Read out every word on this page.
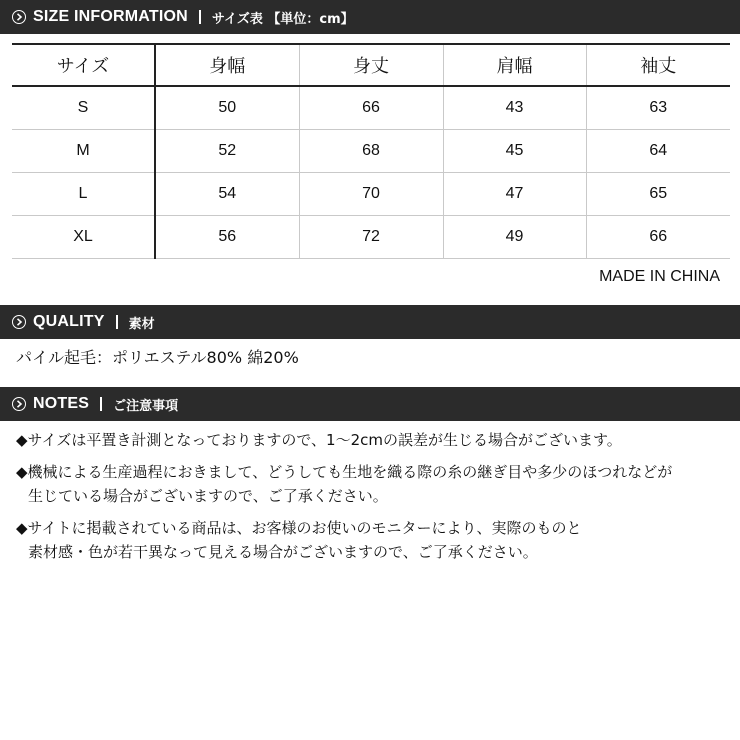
SIZE INFORMATION サイズ表 【単位：cm】
サイズ	身幅	身丈	肩幅	袖丈
S	50	66	43	63
M	52	68	45	64
L	54	70	47	65
XL	56	72	49	66
MADE IN CHINA
QUALITY 素材
パイル起毛：ポリエステル80% 綿20%
NOTES ご注意事項
◆サイズは平置き計測となっておりますので、1～2cmの誤差が生じる場合がございます。
◆機械による生産過程におきまして、どうしても生地を織る際の糸の継ぎ目や多少のほつれなどが
生じている場合がございますので、ご了承ください。
◆サイトに掲載されている商品は、お客様のお使いのモニターにより、実際のものと
素材感・色が若干異なって見える場合がございますので、ご了承ください。
